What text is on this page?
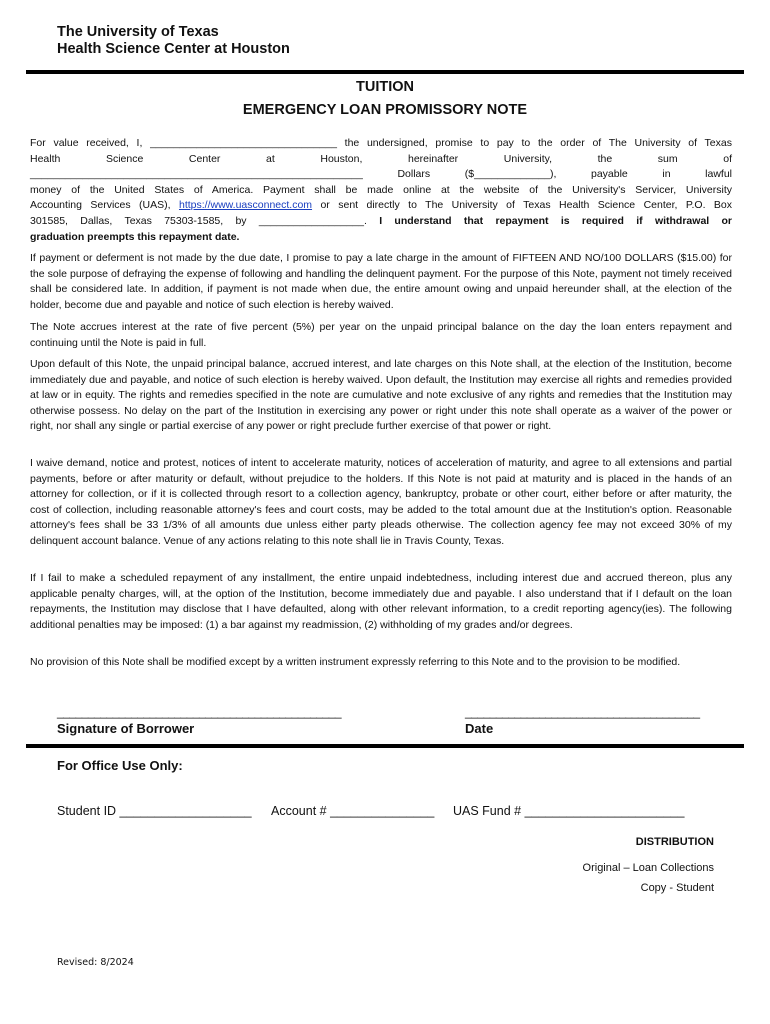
The University of Texas
Health Science Center at Houston
TUITION
EMERGENCY LOAN PROMISSORY NOTE
For value received, I, ________________________________ the undersigned, promise to pay to the order of The University of Texas
Health Science Center at Houston, hereinafter University, the sum of
_________________________________________________________ Dollars ($_____________), payable in lawful
money of the United States of America. Payment shall be made online at the website of the University's Servicer, University
Accounting Services (UAS), https://www.uasconnect.com or sent directly to The University of Texas Health Science Center, P.O. Box
301585, Dallas, Texas 75303-1585, by __________________. I understand that repayment is required if withdrawal or
graduation preempts this repayment date.

If payment or deferment is not made by the due date, I promise to pay a late charge in the amount of FIFTEEN AND NO/100 DOLLARS ($15.00) for the sole purpose of defraying the expense of following and handling the delinquent payment. For the purpose of this Note, payment not timely received shall be considered late. In addition, if payment is not made when due, the entire amount owing and unpaid hereunder shall, at the election of the holder, become due and payable and notice of such election is hereby waived.

The Note accrues interest at the rate of five percent (5%) per year on the unpaid principal balance on the day the loan enters repayment and continuing until the Note is paid in full.

Upon default of this Note, the unpaid principal balance, accrued interest, and late charges on this Note shall, at the election of the Institution, become immediately due and payable, and notice of such election is hereby waived. Upon default, the Institution may exercise all rights and remedies provided at law or in equity. The rights and remedies specified in the note are cumulative and note exclusive of any rights and remedies that the Institution may otherwise possess. No delay on the part of the Institution in exercising any power or right under this note shall operate as a waiver of the power or right, nor shall any single or partial exercise of any power or right preclude further exercise of that power or right.

I waive demand, notice and protest, notices of intent to accelerate maturity, notices of acceleration of maturity, and agree to all extensions and partial payments, before or after maturity or default, without prejudice to the holders. If this Note is not paid at maturity and is placed in the hands of an attorney for collection, or if it is collected through resort to a collection agency, bankruptcy, probate or other court, either before or after maturity, the cost of collection, including reasonable attorney's fees and court costs, may be added to the total amount due at the Institution's option. Reasonable attorney's fees shall be 33 1/3% of all amounts due unless either party pleads otherwise. The collection agency fee may not exceed 30% of my delinquent account balance. Venue of any actions relating to this note shall lie in Travis County, Texas.

If I fail to make a scheduled repayment of any installment, the entire unpaid indebtedness, including interest due and accrued thereon, plus any applicable penalty charges, will, at the option of the Institution, become immediately due and payable. I also understand that if I default on the loan repayments, the Institution may disclose that I have defaulted, along with other relevant information, to a credit reporting agency(ies). The following additional penalties may be imposed: (1) a bar against my readmission, (2) withholding of my grades and/or degrees.

No provision of this Note shall be modified except by a written instrument expressly referring to this Note and to the provision to be modified.

______________________________________________
Signature of Borrower
______________________________________
Date
For Office Use Only:
Student ID ___________________ Account # _______________ UAS Fund # _______________________
DISTRIBUTION
Original – Loan Collections
Copy - Student
Revised: 8/2024
